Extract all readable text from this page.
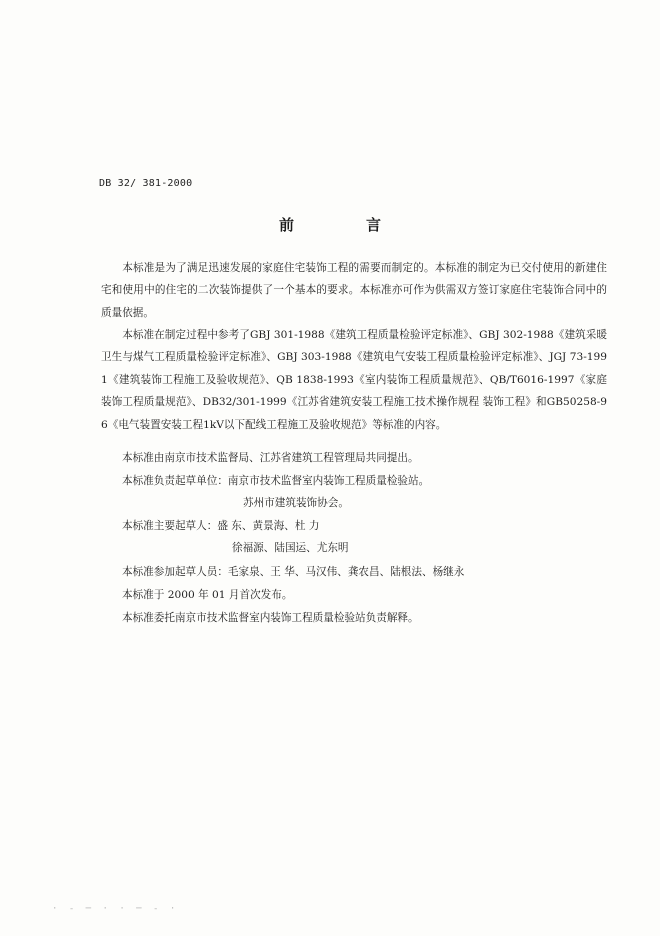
DB 32/ 381-2000
前	言

本标准是为了满足迅速发展的家庭住宅装饰工程的需要而制定的。本标准的制定为已交付使用的新建住宅和使用中的住宅的二次装饰提供了一个基本的要求。本标准亦可作为供需双方签订家庭住宅装饰合同中的质量依据。

本标准在制定过程中参考了GBJ 301-1988《建筑工程质量检验评定标准》、GBJ 302-1988《建筑采暖卫生与煤气工程质量检验评定标准》、GBJ 303-1988《建筑电气安装工程质量检验评定标准》、JGJ 73-1991《建筑装饰工程施工及验收规范》、QB 1838-1993《室内装饰工程质量规范》、QB/T6016-1997《家庭装饰工程质量规范》、DB32/301-1999《江苏省建筑安装工程施工技术操作规程 装饰工程》和GB50258-96《电气装置安装工程1kV以下配线工程施工及验收规范》等标准的内容。

本标准由南京市技术监督局、江苏省建筑工程管理局共同提出。
本标准负责起草单位：南京市技术监督室内装饰工程质量检验站。
苏州市建筑装饰协会。
本标准主要起草人：盛 东、黄景海、杜 力
徐福源、陆国运、尤东明
本标准参加起草人员：毛家泉、王 华、马汉伟、龚农昌、陆根法、杨继永
本标准于 2000 年 01 月首次发布。
本标准委托南京市技术监督室内装饰工程质量检验站负责解释。
· - ─ · · ─ - ·
